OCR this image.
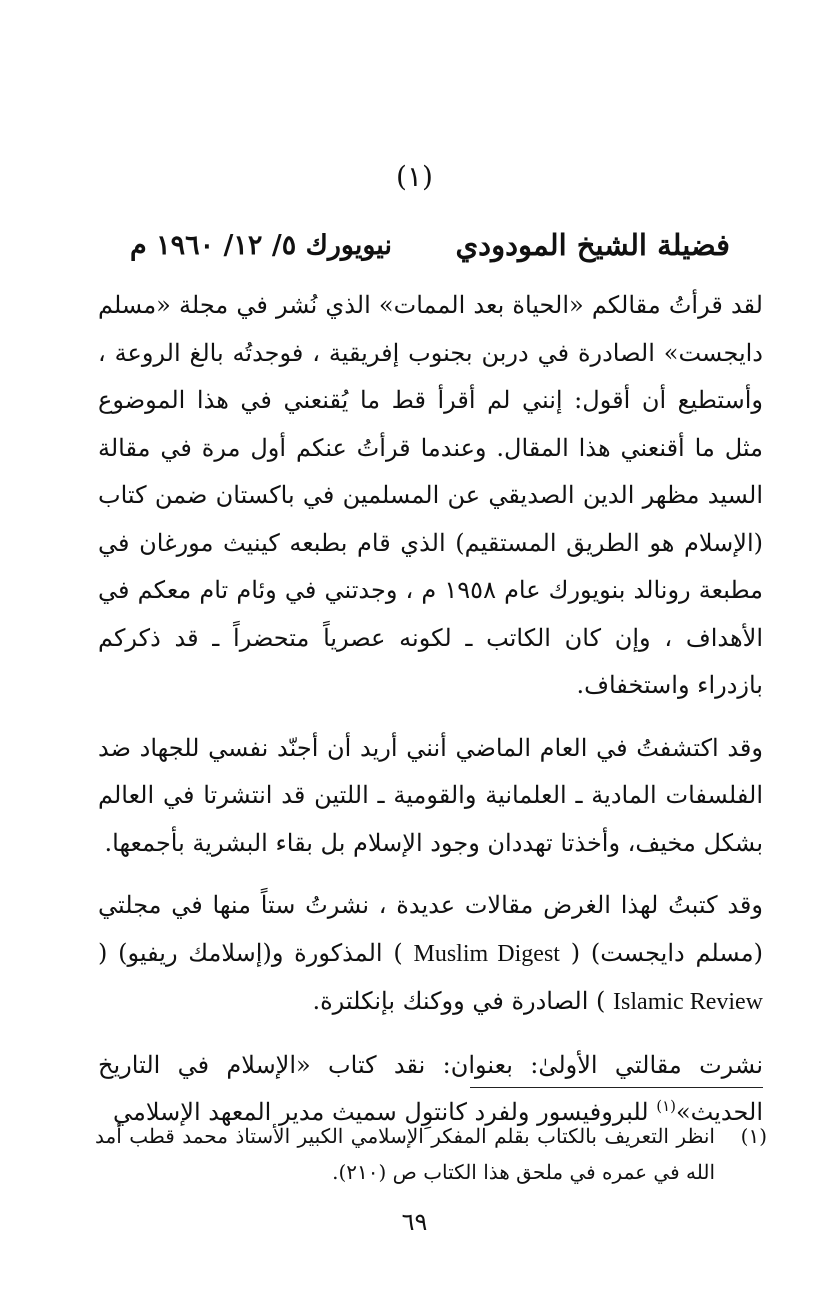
(١)
فضيلة الشيخ المودودي
نيويورك ٥/ ١٢/ ١٩٦٠ م

لقد قرأتُ مقالكم «الحياة بعد الممات» الذي نُشر في مجلة «مسلم دايجست» الصادرة في دربن بجنوب إفريقية ، فوجدتُه بالغ الروعة ، وأستطيع أن أقول: إنني لم أقرأ قط ما يُقنعني في هذا الموضوع مثل ما أقنعني هذا المقال. وعندما قرأتُ عنكم أول مرة في مقالة السيد مظهر الدين الصديقي عن المسلمين في باكستان ضمن كتاب (الإسلام هو الطريق المستقيم) الذي قام بطبعه كينيث مورغان في مطبعة رونالد بنويورك عام ١٩٥٨ م ، وجدتني في وئام تام معكم في الأهداف ، وإن كان الكاتب ـ لكونه عصرياً متحضراً ـ قد ذكركم بازدراء واستخفاف.

وقد اكتشفتُ في العام الماضي أنني أريد أن أجنّد نفسي للجهاد ضد الفلسفات المادية ـ العلمانية والقومية ـ اللتين قد انتشرتا في العالم بشكل مخيف، وأخذتا تهددان وجود الإسلام بل بقاء البشرية بأجمعها.

وقد كتبتُ لهذا الغرض مقالات عديدة ، نشرتُ ستاً منها في مجلتي (مسلم دايجست) ( Muslim Digest ) المذكورة و(إسلامك ريفيو) ( Islamic Review ) الصادرة في ووكنك بإنكلترة.

نشرت مقالتي الأولىٰ: بعنوان: نقد كتاب «الإسلام في التاريخ الحديث»$^{(١)}$ للبروفيسور ولفرد كانتوِل سميث مدير المعهد الإسلامي

(١)
انظر التعريف بالكتاب بقلم المفكر الإسلامي الكبير الأستاذ محمد قطب أمد الله في عمره في ملحق هذا الكتاب ص (٢١٠).
٦٩
